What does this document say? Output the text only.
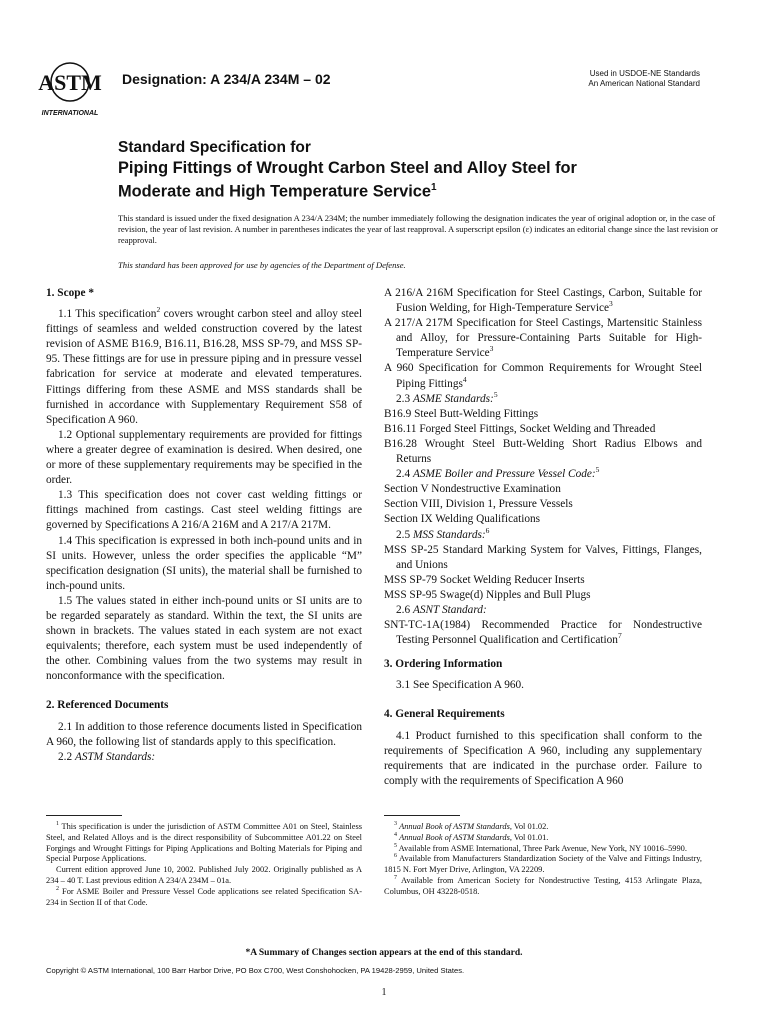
ASTM
INTERNATIONAL
Designation: A 234/A 234M – 02	Used in USDOE-NE Standards
An American National Standard
Standard Specification for
Piping Fittings of Wrought Carbon Steel and Alloy Steel for
Moderate and High Temperature Service$^1$
This standard is issued under the fixed designation A 234/A 234M; the number immediately following the designation indicates the year of original adoption or, in the case of revision, the year of last revision. A number in parentheses indicates the year of last reapproval. A superscript epsilon (ε) indicates an editorial change since the last revision or reapproval.
This standard has been approved for use by agencies of the Department of Defense.
1. Scope *

1.1 This specification$^2$ covers wrought carbon steel and alloy steel fittings of seamless and welded construction covered by the latest revision of ASME B16.9, B16.11, B16.28, MSS SP-79, and MSS SP-95. These fittings are for use in pressure piping and in pressure vessel fabrication for service at moderate and elevated temperatures. Fittings differing from these ASME and MSS standards shall be furnished in accordance with Supplementary Requirement S58 of Specification A 960.

1.2 Optional supplementary requirements are provided for fittings where a greater degree of examination is desired. When desired, one or more of these supplementary requirements may be specified in the order.

1.3 This specification does not cover cast welding fittings or fittings machined from castings. Cast steel welding fittings are governed by Specifications A 216/A 216M and A 217/A 217M.

1.4 This specification is expressed in both inch-pound units and in SI units. However, unless the order specifies the applicable “M” specification designation (SI units), the material shall be furnished to inch-pound units.

1.5 The values stated in either inch-pound units or SI units are to be regarded separately as standard. Within the text, the SI units are shown in brackets. The values stated in each system are not exact equivalents; therefore, each system must be used independently of the other. Combining values from the two systems may result in nonconformance with the specification.

2. Referenced Documents

2.1 In addition to those reference documents listed in Specification A 960, the following list of standards apply to this specification.

2.2 ASTM Standards:

A 216/A 216M Specification for Steel Castings, Carbon, Suitable for Fusion Welding, for High-Temperature Service$^3$

A 217/A 217M Specification for Steel Castings, Martensitic Stainless and Alloy, for Pressure-Containing Parts Suitable for High-Temperature Service$^3$

A 960 Specification for Common Requirements for Wrought Steel Piping Fittings$^4$

2.3 ASME Standards:$^5$

B16.9 Steel Butt-Welding Fittings

B16.11 Forged Steel Fittings, Socket Welding and Threaded

B16.28 Wrought Steel Butt-Welding Short Radius Elbows and Returns

2.4 ASME Boiler and Pressure Vessel Code:$^5$

Section V Nondestructive Examination

Section VIII, Division 1, Pressure Vessels

Section IX Welding Qualifications

2.5 MSS Standards:$^6$

MSS SP-25 Standard Marking System for Valves, Fittings, Flanges, and Unions

MSS SP-79 Socket Welding Reducer Inserts

MSS SP-95 Swage(d) Nipples and Bull Plugs

2.6 ASNT Standard:

SNT-TC-1A(1984) Recommended Practice for Nondestructive Testing Personnel Qualification and Certification$^7$

3. Ordering Information

3.1 See Specification A 960.

4. General Requirements

4.1 Product furnished to this specification shall conform to the requirements of Specification A 960, including any supplementary requirements that are indicated in the purchase order. Failure to comply with the requirements of Specification A 960

$^1$ This specification is under the jurisdiction of ASTM Committee A01 on Steel, Stainless Steel, and Related Alloys and is the direct responsibility of Subcommittee A01.22 on Steel Forgings and Wrought Fittings for Piping Applications and Bolting Materials for Piping and Special Purpose Applications.

Current edition approved June 10, 2002. Published July 2002. Originally published as A 234 – 40 T. Last previous edition A 234/A 234M – 01a.

$^2$ For ASME Boiler and Pressure Vessel Code applications see related Specification SA-234 in Section II of that Code.

$^3$ Annual Book of ASTM Standards, Vol 01.02.

$^4$ Annual Book of ASTM Standards, Vol 01.01.

$^5$ Available from ASME International, Three Park Avenue, New York, NY 10016–5990.

$^6$ Available from Manufacturers Standardization Society of the Valve and Fittings Industry, 1815 N. Fort Myer Drive, Arlington, VA 22209.

$^7$ Available from American Society for Nondestructive Testing, 4153 Arlingate Plaza, Columbus, OH 43228-0518.

*A Summary of Changes section appears at the end of this standard.
Copyright © ASTM International, 100 Barr Harbor Drive, PO Box C700, West Conshohocken, PA 19428-2959, United States.
1
